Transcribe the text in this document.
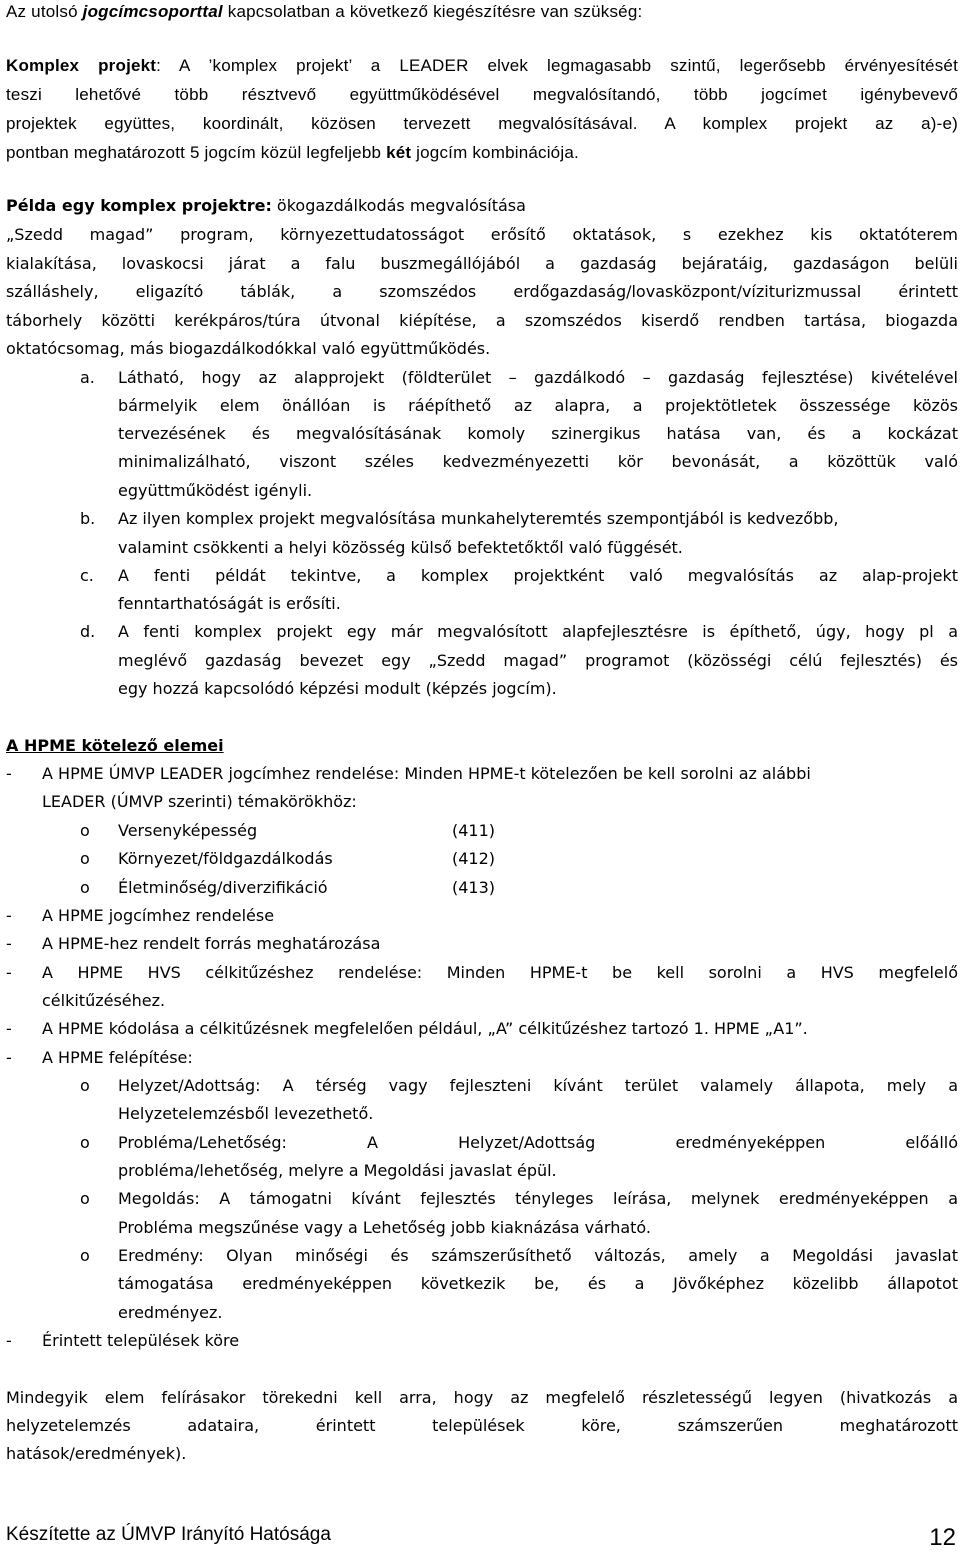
Az utolsó jogcímcsoporttal kapcsolatban a következő kiegészítésre van szükség:
Komplex projekt: A ’komplex projekt’ a LEADER elvek legmagasabb szintű, legerősebb érvényesítését
teszi lehetővé több résztvevő együttműködésével megvalósítandó, több jogcímet igénybevevő
projektek együttes, koordinált, közösen tervezett megvalósításával. A komplex projekt az a)-e)
pontban meghatározott 5 jogcím közül legfeljebb két jogcím kombinációja.
Példa egy komplex projektre: ökogazdálkodás megvalósítása
„Szedd magad” program, környezettudatosságot erősítő oktatások, s ezekhez kis oktatóterem
kialakítása, lovaskocsi járat a falu buszmegállójából a gazdaság bejáratáig, gazdaságon belüli
szálláshely, eligazító táblák, a szomszédos erdőgazdaság/lovasközpont/víziturizmussal érintett
táborhely közötti kerékpáros/túra útvonal kiépítése, a szomszédos kiserdő rendben tartása, biogazda
oktatócsomag, más biogazdálkodókkal való együttműködés.
a. Látható, hogy az alapprojekt (földterület – gazdálkodó – gazdaság fejlesztése) kivételével
bármelyik elem önállóan is ráépíthető az alapra, a projektötletek összessége közös
tervezésének és megvalósításának komoly szinergikus hatása van, és a kockázat
minimalizálható, viszont széles kedvezményezetti kör bevonását, a közöttük való
együttműködést igényli.
b. Az ilyen komplex projekt megvalósítása munkahelyteremtés szempontjából is kedvezőbb,
valamint csökkenti a helyi közösség külső befektetőktől való függését.
c. A fenti példát tekintve, a komplex projektként való megvalósítás az alap-projekt
fenntarthatóságát is erősíti.
d. A fenti komplex projekt egy már megvalósított alapfejlesztésre is építhető, úgy, hogy pl a
meglévő gazdaság bevezet egy „Szedd magad” programot (közösségi célú fejlesztés) és
egy hozzá kapcsolódó képzési modult (képzés jogcím).
A HPME kötelező elemei
- A HPME ÚMVP LEADER jogcímhez rendelése: Minden HPME-t kötelezően be kell sorolni az alábbi
LEADER (ÚMVP szerinti) témakörökhöz:
o Versenyképesség	(411)
o Környezet/földgazdálkodás	(412)
o Életminőség/diverzifikáció	(413)
- A HPME jogcímhez rendelése
- A HPME-hez rendelt forrás meghatározása
- A HPME HVS célkitűzéshez rendelése: Minden HPME-t be kell sorolni a HVS megfelelő
célkitűzéséhez.
- A HPME kódolása a célkitűzésnek megfelelően például, „A” célkitűzéshez tartozó 1. HPME „A1”.
- A HPME felépítése:
o Helyzet/Adottság: A térség vagy fejleszteni kívánt terület valamely állapota, mely a
Helyzetelemzésből levezethető.
o Probléma/Lehetőség: A Helyzet/Adottság eredményeképpen előálló
probléma/lehetőség, melyre a Megoldási javaslat épül.
o Megoldás: A támogatni kívánt fejlesztés tényleges leírása, melynek eredményeképpen a
Probléma megszűnése vagy a Lehetőség jobb kiaknázása várható.
o Eredmény: Olyan minőségi és számszerűsíthető változás, amely a Megoldási javaslat
támogatása eredményeképpen következik be, és a Jövőképhez közelibb állapotot
eredményez.
- Érintett települések köre
Mindegyik elem felírásakor törekedni kell arra, hogy az megfelelő részletességű legyen (hivatkozás a
helyzetelemzés adataira, érintett települések köre, számszerűen meghatározott
hatások/eredmények).
Készítette az ÚMVP Irányító Hatósága	12
